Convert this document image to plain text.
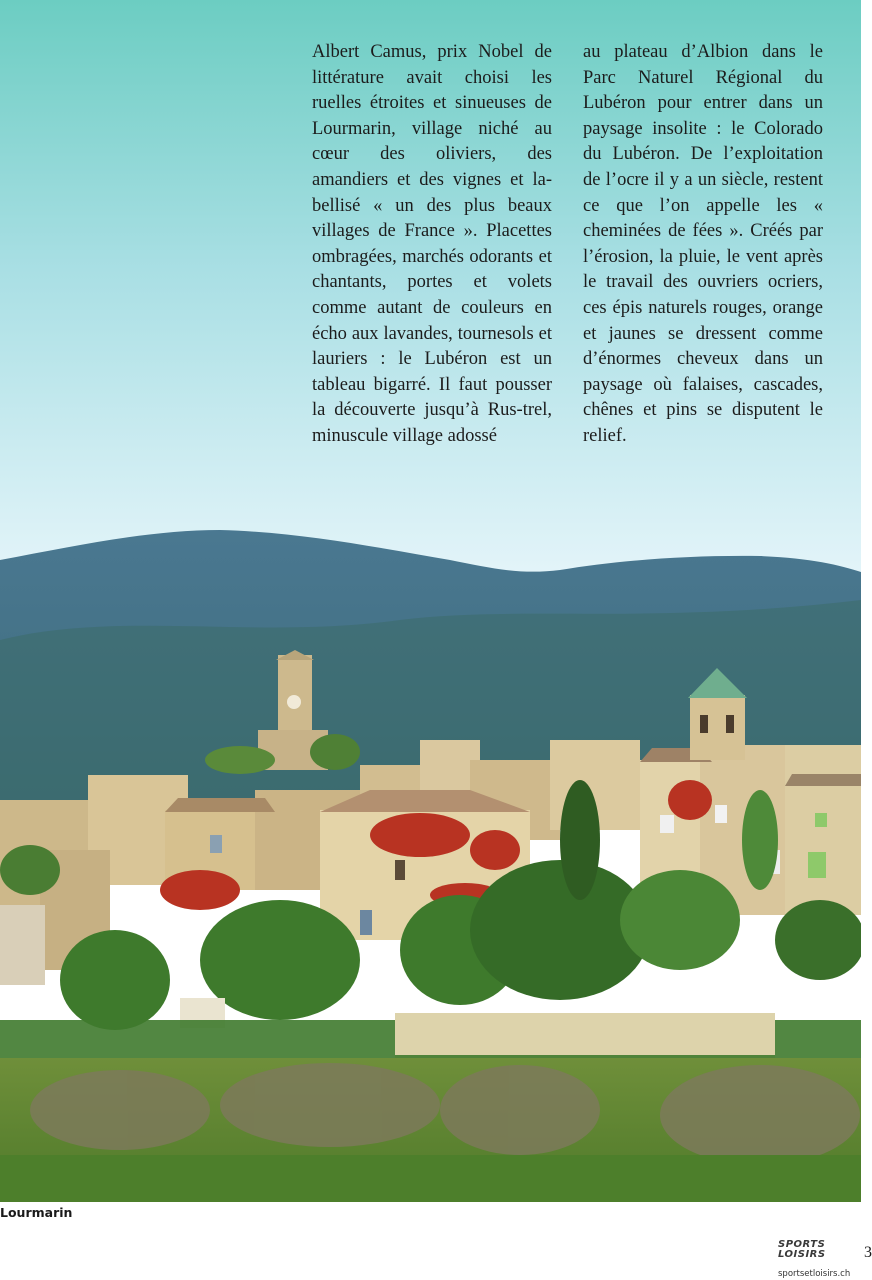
Albert Camus, prix Nobel de littérature avait choisi les ruelles étroites et sinueuses de Lourmarin, village niché au cœur des oliviers, des amandiers et des vignes et la-bellisé « un des plus beaux villages de France ». Placettes ombragées, marchés odorants et chantants, portes et volets comme autant de couleurs en écho aux lavandes, tournesols et lauriers : le Lubéron est un tableau bigarré. Il faut pousser la découverte jusqu’à Rus-trel, minuscule village adossé
au plateau d’Albion dans le Parc Naturel Régional du Lubéron pour entrer dans un paysage insolite : le Colorado du Lubéron. De l’exploitation de l’ocre il y a un siècle, restent ce que l’on appelle les « cheminées de fées ». Créés par l’érosion, la pluie, le vent après le travail des ouvriers ocriers, ces épis naturels rouges, orange et jaunes se dressent comme d’énormes cheveux dans un paysage où falaises, cascades, chênes et pins se disputent le relief.
Lourmarin
SPORTS
LOISIRS
sportsetloisirs.ch
3
